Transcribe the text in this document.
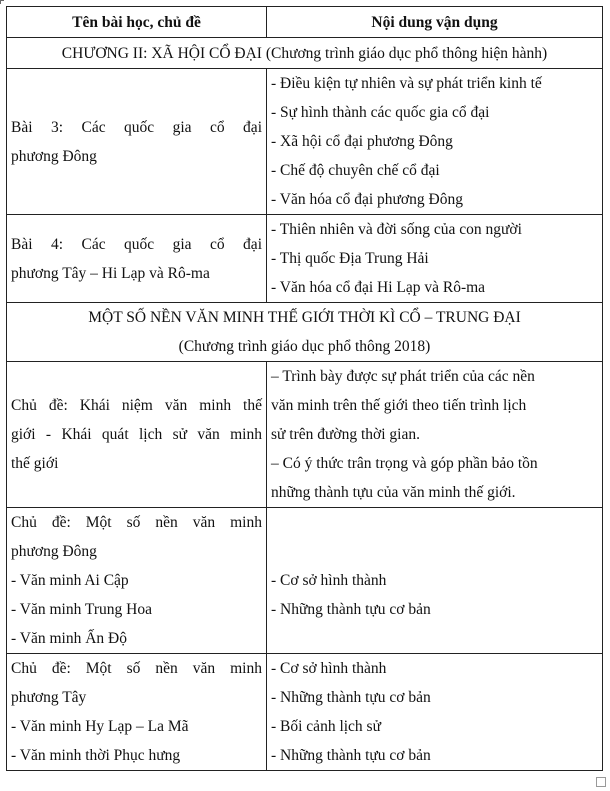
Tên bài học, chủ đề	Nội dung vận dụng
CHƯƠNG II: XÃ HỘI CỔ ĐẠI (Chương trình giáo dục phổ thông hiện hành)	

Bài 3: Các quốc gia cổ đại
phương Đông	- Điều kiện tự nhiên và sự phát triển kinh tế
- Sự hình thành các quốc gia cổ đại
- Xã hội cổ đại phương Đông
- Chế độ chuyên chế cổ đại
- Văn hóa cổ đại phương Đông

Bài 4: Các quốc gia cổ đại
phương Tây – Hi Lạp và Rô-ma	- Thiên nhiên và đời sống của con người
- Thị quốc Địa Trung Hải
- Văn hóa cổ đại Hi Lạp và Rô-ma

MỘT SỐ NỀN VĂN MINH THẾ GIỚI THỜI KÌ CỔ – TRUNG ĐẠI
(Chương trình giáo dục phổ thông 2018)	

Chủ đề: Khái niệm văn minh thế
giới - Khái quát lịch sử văn minh
thế giới	– Trình bày được sự phát triển của các nền
văn minh trên thế giới theo tiến trình lịch
sử trên đường thời gian.
– Có ý thức trân trọng và góp phần bảo tồn
những thành tựu của văn minh thế giới.

Chủ đề: Một số nền văn minh
phương Đông
- Văn minh Ai Cập
- Văn minh Trung Hoa
- Văn minh Ấn Độ	- Cơ sở hình thành
- Những thành tựu cơ bản

Chủ đề: Một số nền văn minh
phương Tây
- Văn minh Hy Lạp – La Mã
- Văn minh thời Phục hưng	- Cơ sở hình thành
- Những thành tựu cơ bản
- Bối cảnh lịch sử
- Những thành tựu cơ bản
